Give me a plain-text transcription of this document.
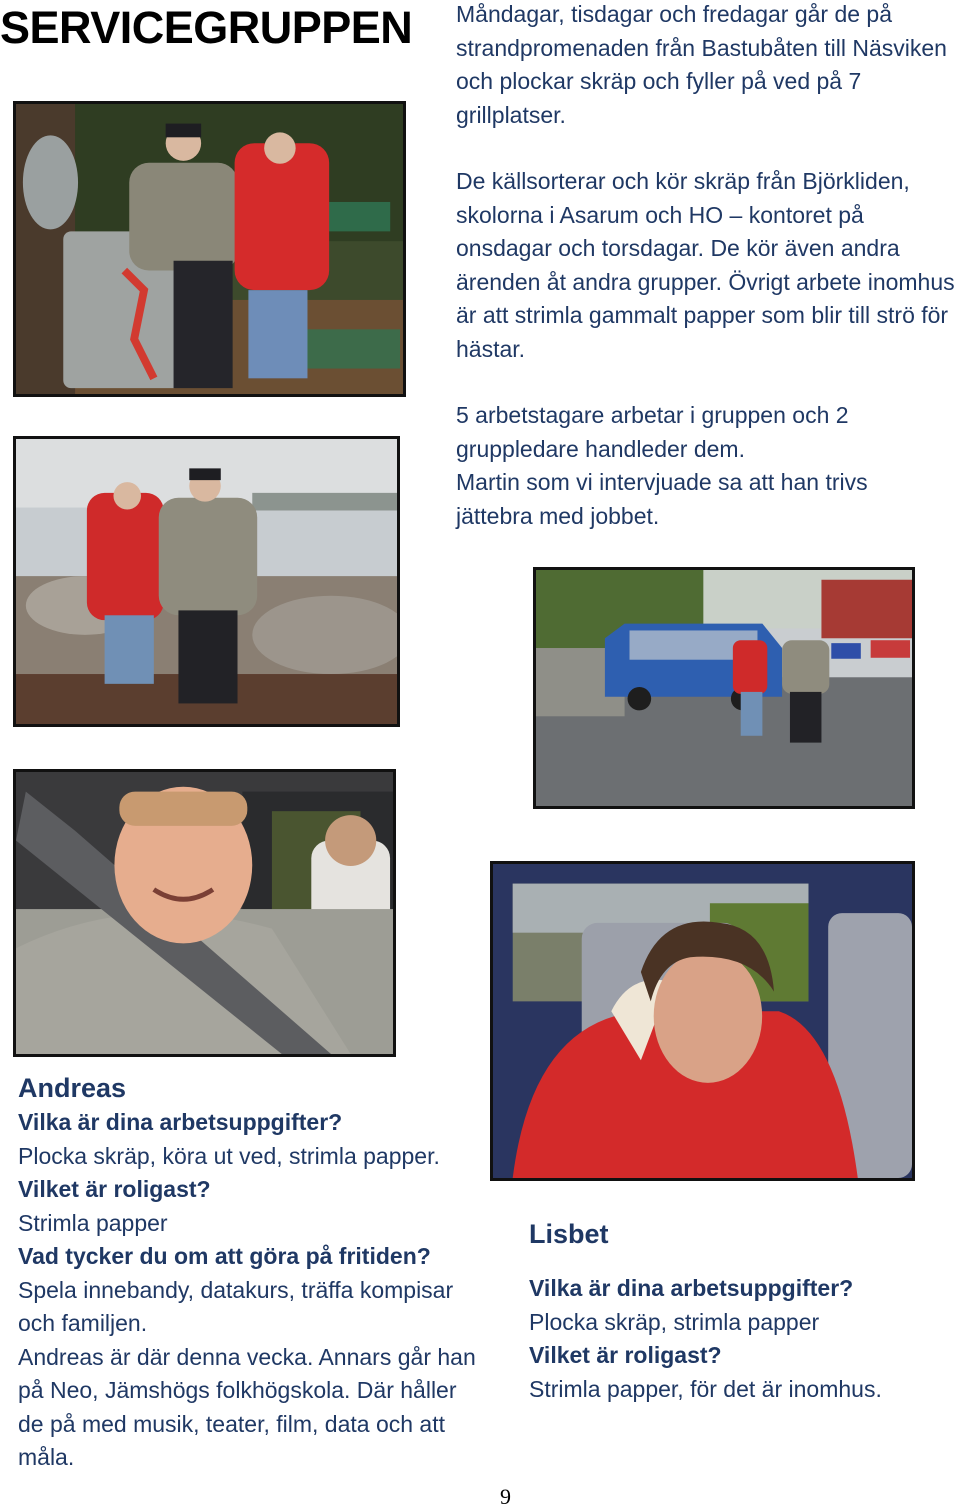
SERVICEGRUPPEN Måndagar, tisdagar och fredagar går de på strandpromenaden från Bastubåten till Näsviken och plockar skräp och fyller på ved på 7 grillplatser.

De källsorterar och kör skräp från Björkliden, skolorna i Asarum och HO – kontoret på onsdagar och torsdagar. De kör även andra ärenden åt andra grupper. Övrigt arbete inomhus är att strimla gammalt papper som blir till strö för hästar.

5 arbetstagare arbetar i gruppen och 2 gruppledare handleder dem.

Martin som vi intervjuade sa att han trivs jättebra med jobbet.

Andreas
Vilka är dina arbetsuppgifter?
Plocka skräp, köra ut ved, strimla papper.
Vilket är roligast?
Strimla papper
Vad tycker du om att göra på fritiden?
Spela innebandy, datakurs, träffa kompisar och familjen.
Andreas är där denna vecka. Annars går han på Neo, Jämshögs folkhögskola. Där håller de på med musik, teater, film, data och att måla.
Lisbet
Vilka är dina arbetsuppgifter?
Plocka skräp, strimla papper
Vilket är roligast?
Strimla papper, för det är inomhus.
9
